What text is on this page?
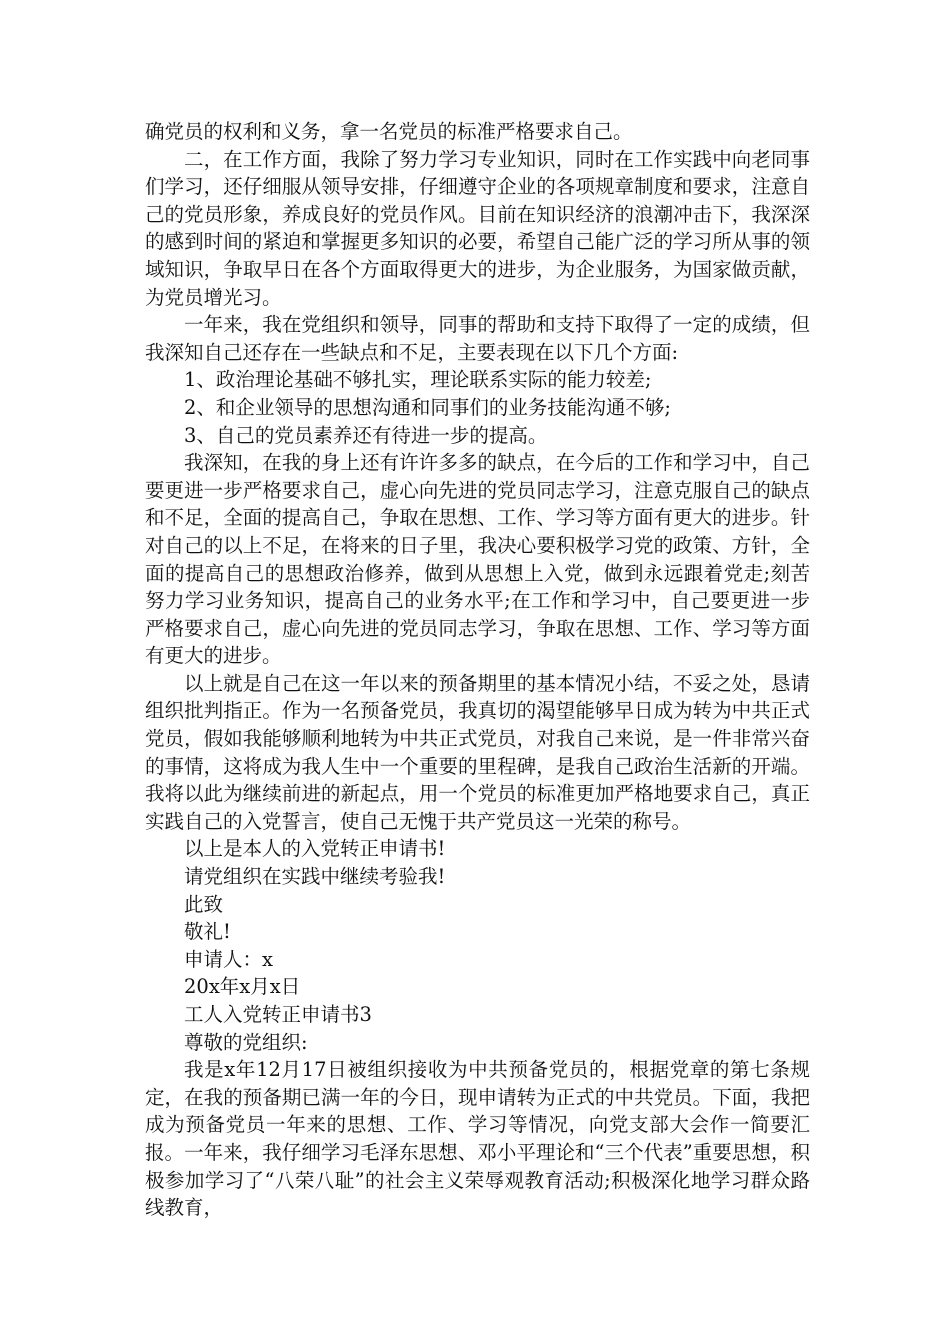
确党员的权利和义务，拿一名党员的标准严格要求自己。

二，在工作方面，我除了努力学习专业知识，同时在工作实践中向老同事们学习，还仔细服从领导安排，仔细遵守企业的各项规章制度和要求，注意自己的党员形象，养成良好的党员作风。目前在知识经济的浪潮冲击下，我深深的感到时间的紧迫和掌握更多知识的必要，希望自己能广泛的学习所从事的领域知识，争取早日在各个方面取得更大的进步，为企业服务，为国家做贡献，为党员增光习。

一年来，我在党组织和领导，同事的帮助和支持下取得了一定的成绩，但我深知自己还存在一些缺点和不足，主要表现在以下几个方面:

1、政治理论基础不够扎实，理论联系实际的能力较差;

2、和企业领导的思想沟通和同事们的业务技能沟通不够;

3、自己的党员素养还有待进一步的提高。

我深知，在我的身上还有许许多多的缺点，在今后的工作和学习中，自己要更进一步严格要求自己，虚心向先进的党员同志学习，注意克服自己的缺点和不足，全面的提高自己，争取在思想、工作、学习等方面有更大的进步。针对自己的以上不足，在将来的日子里，我决心要积极学习党的政策、方针，全面的提高自己的思想政治修养，做到从思想上入党，做到永远跟着党走;刻苦努力学习业务知识，提高自己的业务水平;在工作和学习中，自己要更进一步严格要求自己，虚心向先进的党员同志学习，争取在思想、工作、学习等方面有更大的进步。

以上就是自己在这一年以来的预备期里的基本情况小结，不妥之处，恳请组织批判指正。作为一名预备党员，我真切的渴望能够早日成为转为中共正式党员，假如我能够顺利地转为中共正式党员，对我自己来说，是一件非常兴奋的事情，这将成为我人生中一个重要的里程碑，是我自己政治生活新的开端。我将以此为继续前进的新起点，用一个党员的标准更加严格地要求自己，真正实践自己的入党誓言，使自己无愧于共产党员这一光荣的称号。

以上是本人的入党转正申请书!

请党组织在实践中继续考验我!

此致

敬礼!

申请人：x

20x年x月x日

工人入党转正申请书3

尊敬的党组织:

我是x年12月17日被组织接收为中共预备党员的，根据党章的第七条规定，在我的预备期已满一年的今日，现申请转为正式的中共党员。下面，我把成为预备党员一年来的思想、工作、学习等情况，向党支部大会作一简要汇报。一年来，我仔细学习毛泽东思想、邓小平理论和“三个代表”重要思想，积极参加学习了“八荣八耻”的社会主义荣辱观教育活动;积极深化地学习群众路线教育，
